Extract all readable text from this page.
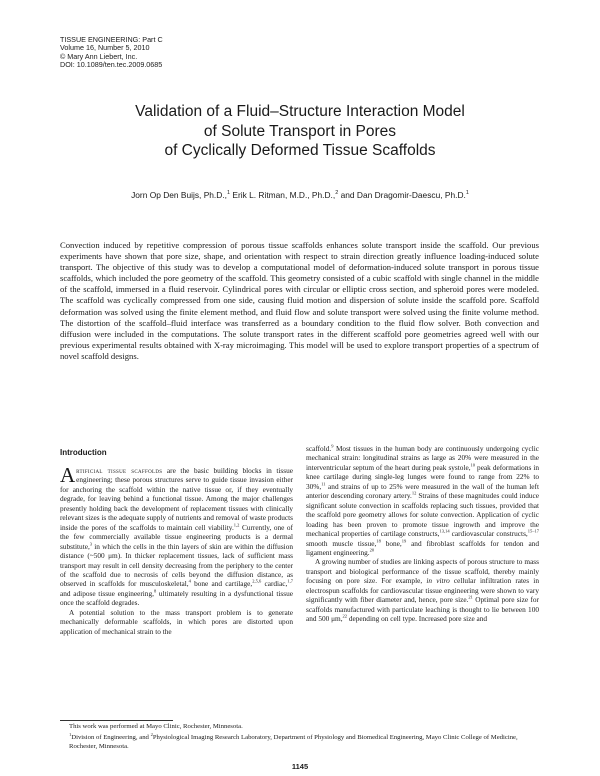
TISSUE ENGINEERING: Part C
Volume 16, Number 5, 2010
© Mary Ann Liebert, Inc.
DOI: 10.1089/ten.tec.2009.0685
Validation of a Fluid–Structure Interaction Model
of Solute Transport in Pores
of Cyclically Deformed Tissue Scaffolds
Jorn Op Den Buijs, Ph.D.,$^1$ Erik L. Ritman, M.D., Ph.D.,$^2$ and Dan Dragomir-Daescu, Ph.D.$^1$
Convection induced by repetitive compression of porous tissue scaffolds enhances solute transport inside the scaffold. Our previous experiments have shown that pore size, shape, and orientation with respect to strain direction greatly influence loading-induced solute transport. The objective of this study was to develop a computational model of deformation-induced solute transport in porous tissue scaffolds, which included the pore geometry of the scaffold. This geometry consisted of a cubic scaffold with single channel in the middle of the scaffold, immersed in a fluid reservoir. Cylindrical pores with circular or elliptic cross section, and spheroid pores were modeled. The scaffold was cyclically compressed from one side, causing fluid motion and dispersion of solute inside the scaffold pore. Scaffold deformation was solved using the finite element method, and fluid flow and solute transport were solved using the finite volume method. The distortion of the scaffold–fluid interface was transferred as a boundary condition to the fluid flow solver. Both convection and diffusion were included in the computations. The solute transport rates in the different scaffold pore geometries agreed well with our previous experimental results obtained with X-ray microimaging. This model will be used to explore transport properties of a spectrum of novel scaffold designs.
Introduction

Artificial tissue scaffolds are the basic building blocks in tissue engineering; these porous structures serve to guide tissue invasion either for anchoring the scaffold within the native tissue or, if they eventually degrade, for leaving behind a functional tissue. Among the major challenges presently holding back the development of replacement tissues with clinically relevant sizes is the adequate supply of nutrients and removal of waste products inside the pores of the scaffolds to maintain cell viability.$^{1,2}$ Currently, one of the few commercially available tissue engineering products is a dermal substitute,$^3$ in which the cells in the thin layers of skin are within the diffusion distance (~500 μm). In thicker replacement tissues, lack of sufficient mass transport may result in cell density decreasing from the periphery to the center of the scaffold due to necrosis of cells beyond the diffusion distance, as observed in scaffolds for musculoskeletal,$^4$ bone and cartilage,$^{2,5,6}$ cardiac,$^{1,7}$ and adipose tissue engineering,$^8$ ultimately resulting in a dysfunctional tissue once the scaffold degrades.

A potential solution to the mass transport problem is to generate mechanically deformable scaffolds, in which pores are distorted upon application of mechanical strain to the

scaffold.$^9$ Most tissues in the human body are continuously undergoing cyclic mechanical strain: longitudinal strains as large as 20% were measured in the interventricular septum of the heart during peak systole,$^{10}$ peak deformations in knee cartilage during single-leg lunges were found to range from 22% to 30%,$^{11}$ and strains of up to 25% were measured in the wall of the human left anterior descending coronary artery.$^{12}$ Strains of these magnitudes could induce significant solute convection in scaffolds replacing such tissues, provided that the scaffold pore geometry allows for solute convection. Application of cyclic loading has been proven to promote tissue ingrowth and improve the mechanical properties of cartilage constructs,$^{13,14}$ cardiovascular constructs,$^{15-17}$ smooth muscle tissue,$^{18}$ bone,$^{19}$ and fibroblast scaffolds for tendon and ligament engineering.$^{20}$

A growing number of studies are linking aspects of porous structure to mass transport and biological performance of the tissue scaffold, thereby mainly focusing on pore size. For example, in vitro cellular infiltration rates in electrospun scaffolds for cardiovascular tissue engineering were shown to vary significantly with fiber diameter and, hence, pore size.$^{21}$ Optimal pore size for scaffolds manufactured with particulate leaching is thought to lie between 100 and 500 μm,$^{22}$ depending on cell type. Increased pore size and

This work was performed at Mayo Clinic, Rochester, Minnesota.

$^1$Division of Engineering, and $^2$Physiological Imaging Research Laboratory, Department of Physiology and Biomedical Engineering, Mayo Clinic College of Medicine, Rochester, Minnesota.

1145
